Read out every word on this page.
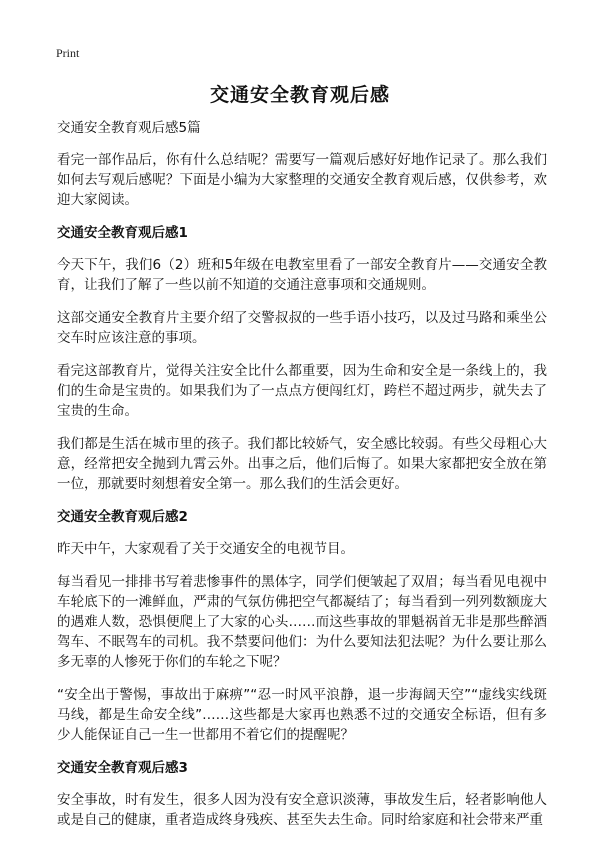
Print
交通安全教育观后感
交通安全教育观后感5篇

看完一部作品后，你有什么总结呢？需要写一篇观后感好好地作记录了。那么我们如何去写观后感呢？下面是小编为大家整理的交通安全教育观后感，仅供参考，欢迎大家阅读。

交通安全教育观后感1

今天下午，我们6（2）班和5年级在电教室里看了一部安全教育片——交通安全教育，让我们了解了一些以前不知道的交通注意事项和交通规则。

这部交通安全教育片主要介绍了交警叔叔的一些手语小技巧，以及过马路和乘坐公交车时应该注意的事项。

看完这部教育片，觉得关注安全比什么都重要，因为生命和安全是一条线上的，我们的生命是宝贵的。如果我们为了一点点方便闯红灯，跨栏不超过两步，就失去了宝贵的生命。

我们都是生活在城市里的孩子。我们都比较娇气，安全感比较弱。有些父母粗心大意，经常把安全抛到九霄云外。出事之后，他们后悔了。如果大家都把安全放在第一位，那就要时刻想着安全第一。那么我们的生活会更好。

交通安全教育观后感2

昨天中午，大家观看了关于交通安全的电视节目。

每当看见一排排书写着悲惨事件的黑体字，同学们便皱起了双眉；每当看见电视中车轮底下的一滩鲜血，严肃的气氛仿佛把空气都凝结了；每当看到一列列数额庞大的遇难人数，恐惧便爬上了大家的心头……而这些事故的罪魁祸首无非是那些醉酒驾车、不眠驾车的司机。我不禁要问他们：为什么要知法犯法呢？为什么要让那么多无辜的人惨死于你们的车轮之下呢？

“安全出于警惕，事故出于麻痹”“忍一时风平浪静，退一步海阔天空”“虚线实线斑马线，都是生命安全线”……这些都是大家再也熟悉不过的交通安全标语，但有多少人能保证自己一生一世都用不着它们的提醒呢？

交通安全教育观后感3

安全事故，时有发生，很多人因为没有安全意识淡薄，事故发生后，轻者影响他人或是自己的健康，重者造成终身残疾、甚至失去生命。同时给家庭和社会带来严重
